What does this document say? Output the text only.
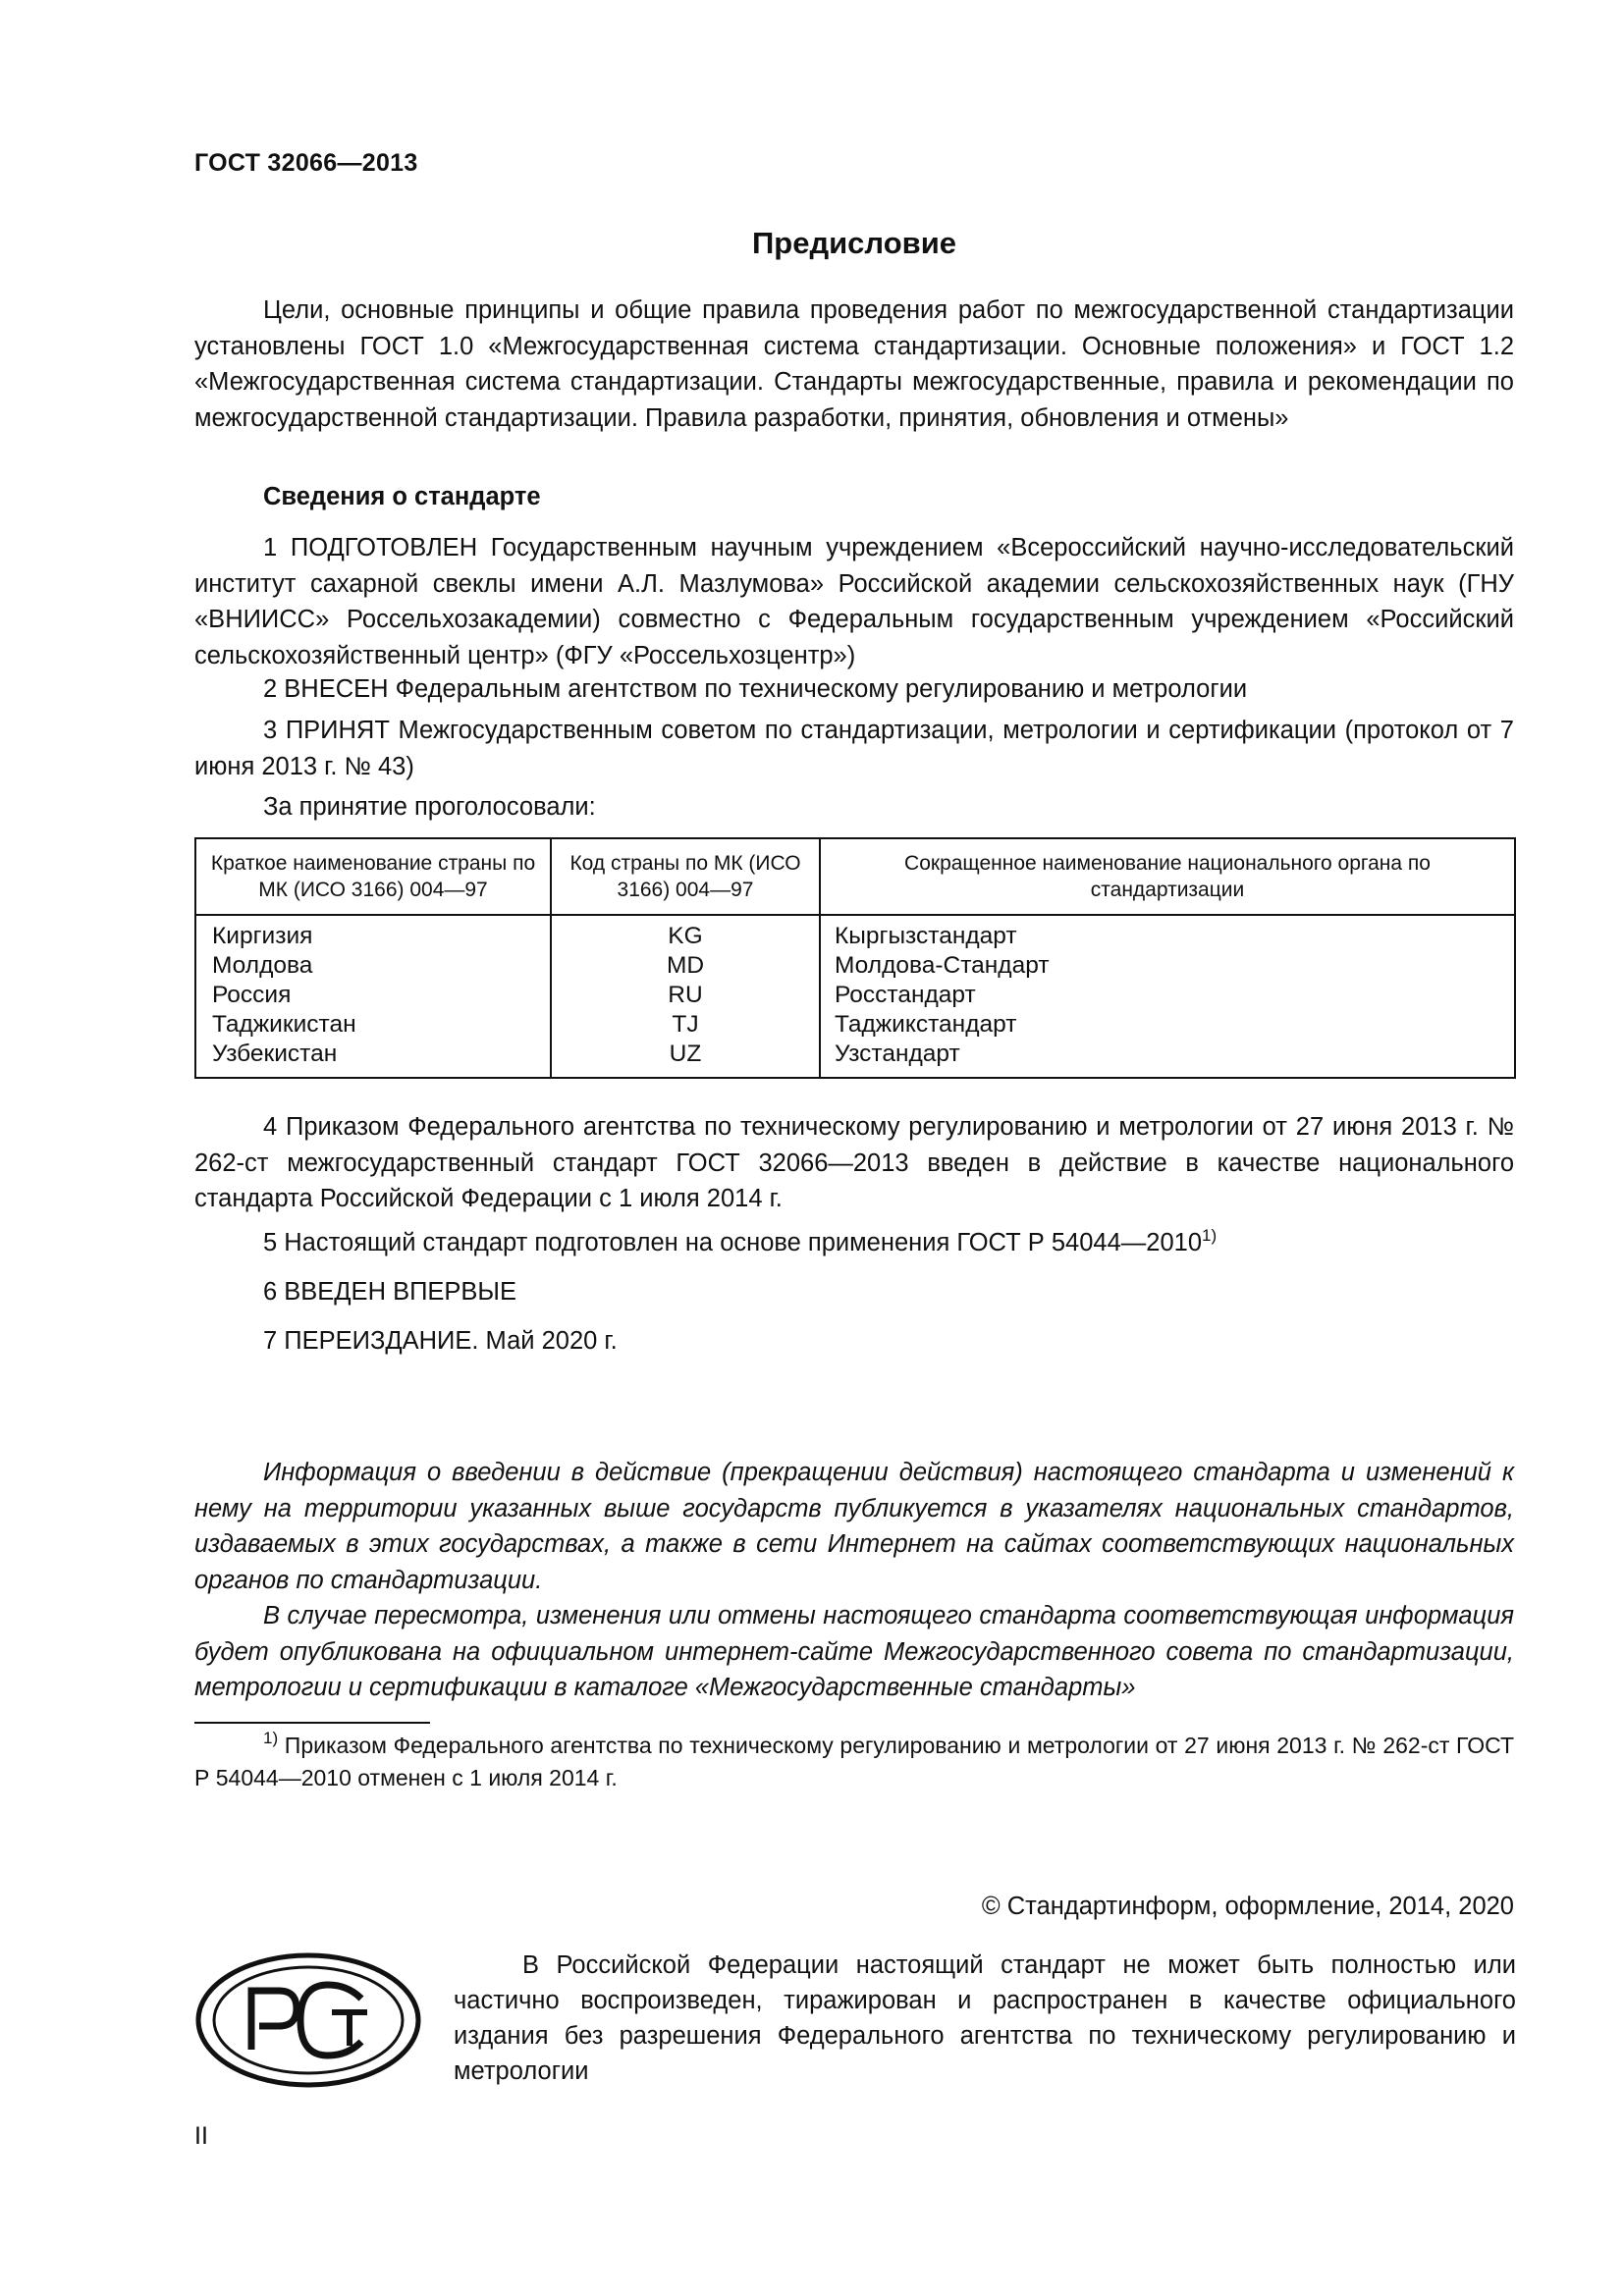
ГОСТ 32066—2013
Предисловие

Цели, основные принципы и общие правила проведения работ по межгосударственной стандартизации установлены ГОСТ 1.0 «Межгосударственная система стандартизации. Основные положения» и ГОСТ 1.2 «Межгосударственная система стандартизации. Стандарты межгосударственные, правила и рекомендации по межгосударственной стандартизации. Правила разработки, принятия, обновления и отмены»

Сведения о стандарте

1 ПОДГОТОВЛЕН Государственным научным учреждением «Всероссийский научно-исследовательский институт сахарной свеклы имени А.Л. Мазлумова» Российской академии сельскохозяйственных наук (ГНУ «ВНИИСС» Россельхозакадемии) совместно с Федеральным государственным учреждением «Российский сельскохозяйственный центр» (ФГУ «Россельхозцентр»)

2 ВНЕСЕН Федеральным агентством по техническому регулированию и метрологии

3 ПРИНЯТ Межгосударственным советом по стандартизации, метрологии и сертификации (протокол от 7 июня 2013 г. № 43)

За принятие проголосовали:

Краткое наименование страны по МК (ИСО 3166) 004—97
Код страны по МК (ИСО 3166) 004—97
Сокращенное наименование национального органа по стандартизации
Киргизия
Молдова
Россия
Таджикистан
Узбекистан
KG
MD
RU
TJ
UZ
Кыргызстандарт
Молдова-Стандарт
Росстандарт
Таджикстандарт
Узстандарт

4 Приказом Федерального агентства по техническому регулированию и метрологии от 27 июня 2013 г. № 262-ст межгосударственный стандарт ГОСТ 32066—2013 введен в действие в качестве национального стандарта Российской Федерации с 1 июля 2014 г.

5 Настоящий стандарт подготовлен на основе применения ГОСТ Р 54044—2010$^{1)}$

6 ВВЕДЕН ВПЕРВЫЕ

7 ПЕРЕИЗДАНИЕ. Май 2020 г.

Информация о введении в действие (прекращении действия) настоящего стандарта и изменений к нему на территории указанных выше государств публикуется в указателях национальных стандартов, издаваемых в этих государствах, а также в сети Интернет на сайтах соответствующих национальных органов по стандартизации.

В случае пересмотра, изменения или отмены настоящего стандарта соответствующая информация будет опубликована на официальном интернет-сайте Межгосударственного совета по стандартизации, метрологии и сертификации в каталоге «Межгосударственные стандарты»

$^{1)}$ Приказом Федерального агентства по техническому регулированию и метрологии от 27 июня 2013 г. № 262-ст ГОСТ Р 54044—2010 отменен с 1 июля 2014 г.

© Стандартинформ, оформление, 2014, 2020

В Российской Федерации настоящий стандарт не может быть полностью или частично воспроизведен, тиражирован и распространен в качестве официального издания без разрешения Федерального агентства по техническому регулированию и метрологии

II
